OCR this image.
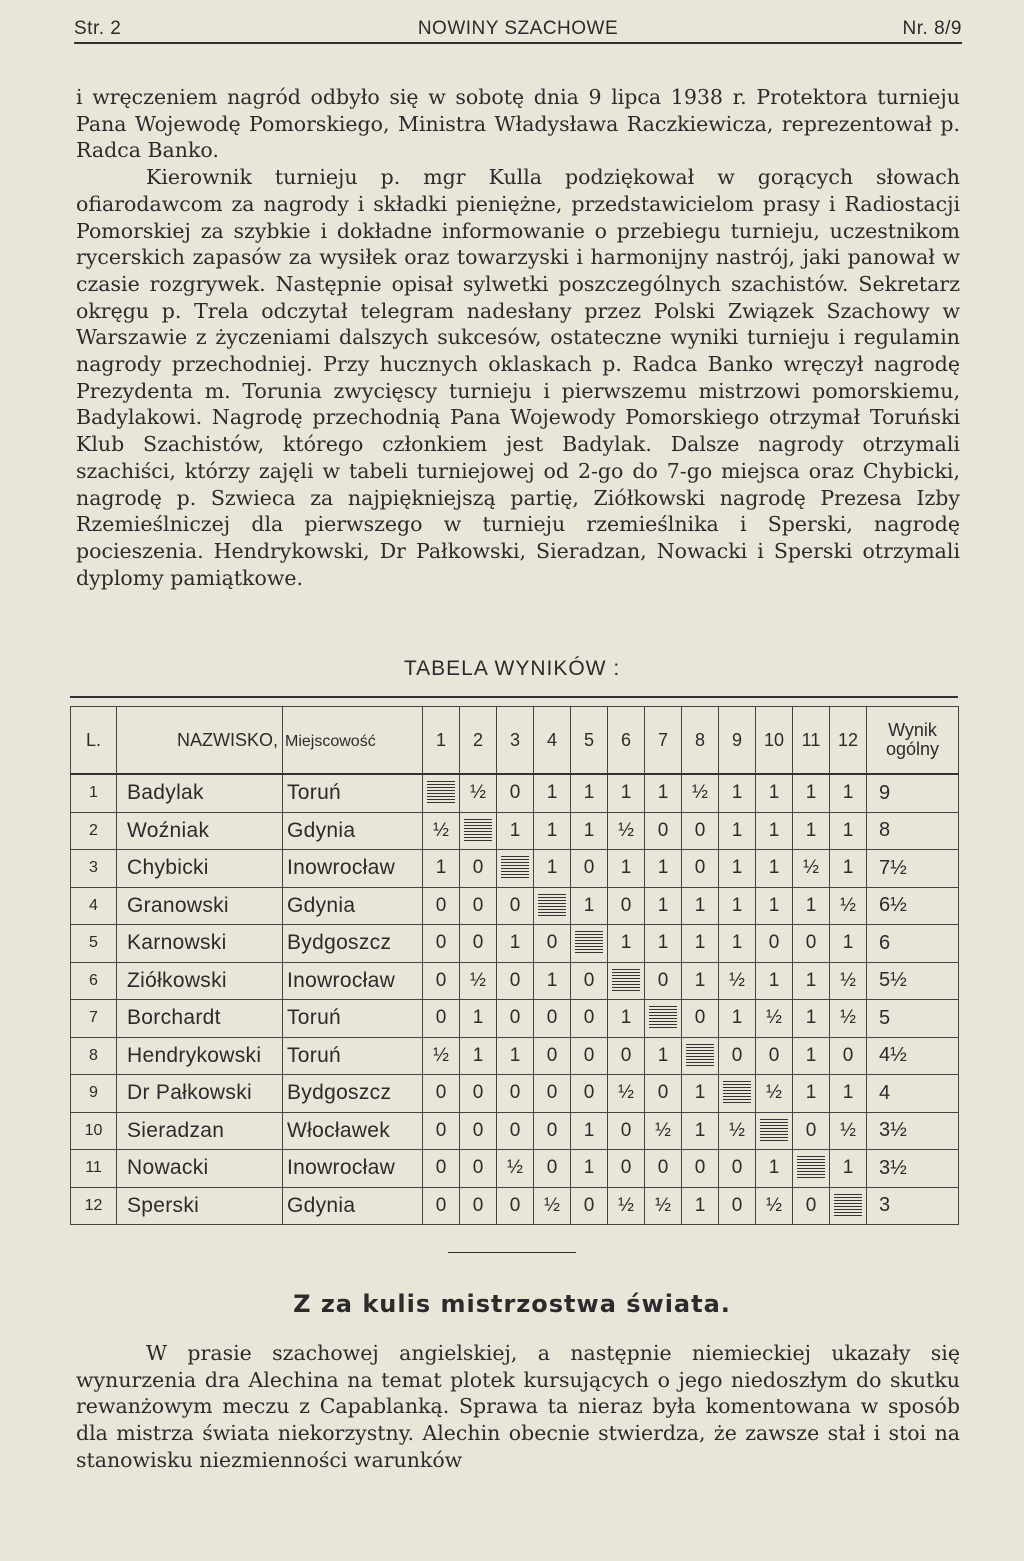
Str. 2	NOWINY SZACHOWE	Nr. 8/9

i wręczeniem nagród odbyło się w sobotę dnia 9 lipca 1938 r. Protektora turnieju Pana Wojewodę Pomorskiego, Ministra Władysława Raczkiewicza, reprezentował p. Radca Banko.

Kierownik turnieju p. mgr Kulla podziękował w gorących słowach ofiarodawcom za nagrody i składki pieniężne, przedstawicielom prasy i Radiostacji Pomorskiej za szybkie i dokładne informowanie o przebiegu turnieju, uczestnikom rycerskich zapasów za wysiłek oraz towarzyski i harmonijny nastrój, jaki panował w czasie rozgrywek. Następnie opisał sylwetki poszczególnych szachistów. Sekretarz okręgu p. Trela odczytał telegram nadesłany przez Polski Związek Szachowy w Warszawie z życzeniami dalszych sukcesów, ostateczne wyniki turnieju i regulamin nagrody przechodniej. Przy hucznych oklaskach p. Radca Banko wręczył nagrodę Prezydenta m. Torunia zwycięscy turnieju i pierwszemu mistrzowi pomorskiemu, Badylakowi. Nagrodę przechodnią Pana Wojewody Pomorskiego otrzymał Toruński Klub Szachistów, którego członkiem jest Badylak. Dalsze nagrody otrzymali szachiści, którzy zajęli w tabeli turniejowej od 2-go do 7-go miejsca oraz Chybicki, nagrodę p. Szwieca za najpiękniejszą partię, Ziółkowski nagrodę Prezesa Izby Rzemieślniczej dla pierwszego w turnieju rzemieślnika i Sperski, nagrodę pocieszenia. Hendrykowski, Dr Pałkowski, Sieradzan, Nowacki i Sperski otrzymali dyplomy pamiątkowe.

TABELA WYNIKÓW :
L.	NAZWISKO,	Miejscowość	1	2	3	4	5	6	7	8	9	10	11	12	Wynik
ogólny

1	Badylak	Toruń		½	0	1	1	1	1	½	1	1	1	1	9
2	Woźniak	Gdynia	½		1	1	1	½	0	0	1	1	1	1	8
3	Chybicki	Inowrocław	1	0		1	0	1	1	0	1	1	½	1	7½
4	Granowski	Gdynia	0	0	0		1	0	1	1	1	1	1	½	6½
5	Karnowski	Bydgoszcz	0	0	1	0		1	1	1	1	0	0	1	6
6	Ziółkowski	Inowrocław	0	½	0	1	0		0	1	½	1	1	½	5½
7	Borchardt	Toruń	0	1	0	0	0	1		0	1	½	1	½	5
8	Hendrykowski	Toruń	½	1	1	0	0	0	1		0	0	1	0	4½
9	Dr Pałkowski	Bydgoszcz	0	0	0	0	0	½	0	1		½	1	1	4
10	Sieradzan	Włocławek	0	0	0	0	1	0	½	1	½		0	½	3½
11	Nowacki	Inowrocław	0	0	½	0	1	0	0	0	0	1		1	3½
12	Sperski	Gdynia	0	0	0	½	0	½	½	1	0	½	0		3
Z za kulis mistrzostwa świata.

W prasie szachowej angielskiej, a następnie niemieckiej ukazały się wynurzenia dra Alechina na temat plotek kursujących o jego niedoszłym do skutku rewanżowym meczu z Capablanką. Sprawa ta nieraz była komentowana w sposób dla mistrza świata niekorzystny. Alechin obecnie stwierdza, że zawsze stał i stoi na stanowisku niezmienności warunków
